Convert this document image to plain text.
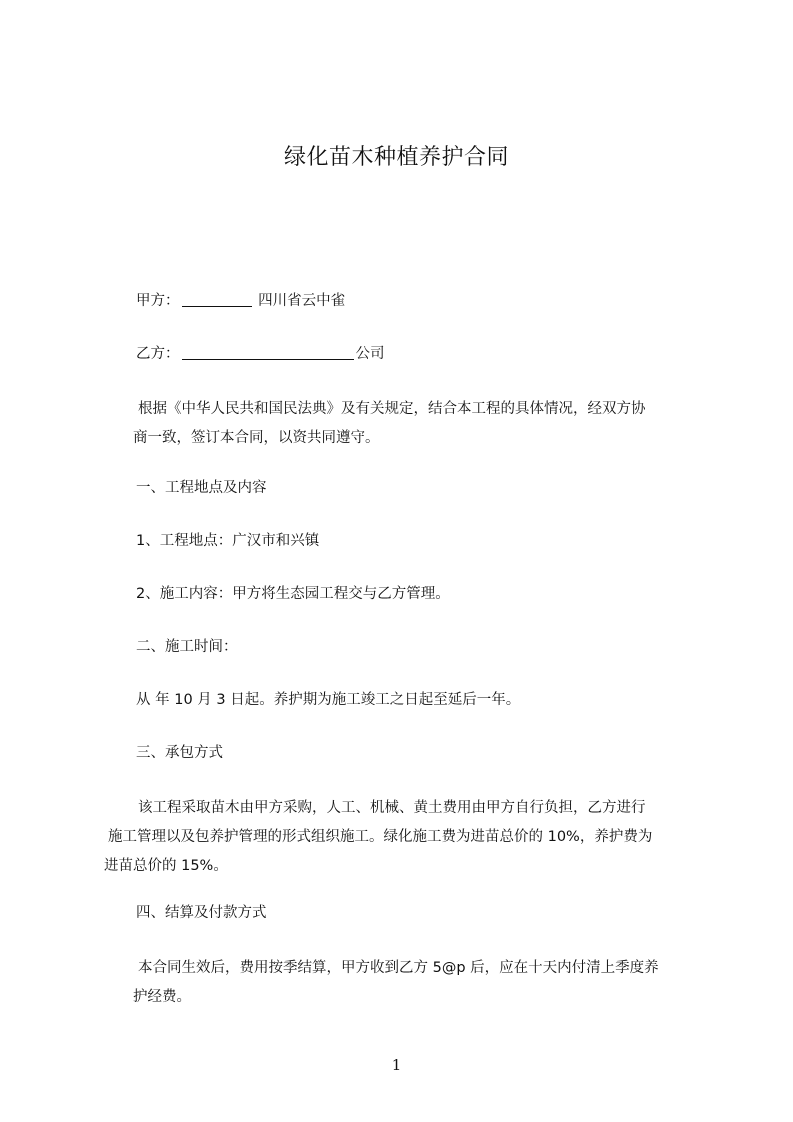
绿化苗木种植养护合同
甲方：	四川省云中雀
乙方：	公司
根据《中华人民共和国民法典》及有关规定，结合本工程的具体情况，经双方协
商一致，签订本合同，以资共同遵守。
一、工程地点及内容
1、工程地点：广汉市和兴镇
2、施工内容：甲方将生态园工程交与乙方管理。
二、施工时间：
从 年 10 月 3 日起。养护期为施工竣工之日起至延后一年。
三、承包方式
该工程采取苗木由甲方采购，人工、机械、黄土费用由甲方自行负担，乙方进行
施工管理以及包养护管理的形式组织施工。绿化施工费为进苗总价的 10%，养护费为
进苗总价的 15%。
四、结算及付款方式
本合同生效后，费用按季结算，甲方收到乙方 5@p 后，应在十天内付清上季度养
护经费。
1
